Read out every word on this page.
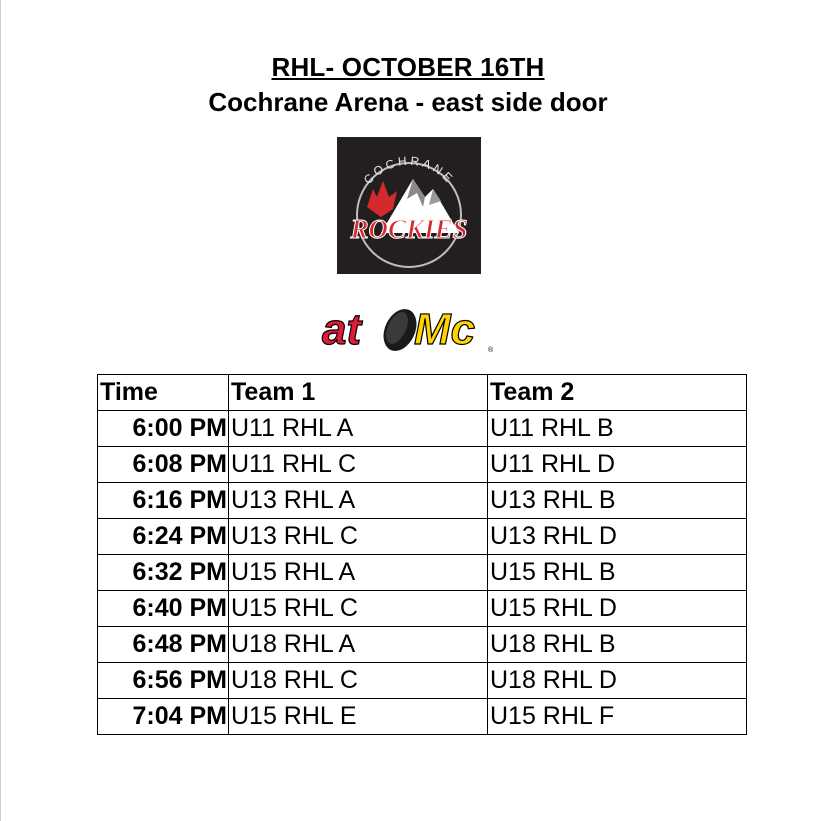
RHL- OCTOBER 16TH
Cochrane Arena - east side door
COCHRANE
ROCKIES
at Mc ®
Time	Team 1	Team 2
6:00 PM	U11 RHL A	U11 RHL B
6:08 PM	U11 RHL C	U11 RHL D
6:16 PM	U13 RHL A	U13 RHL B
6:24 PM	U13 RHL C	U13 RHL D
6:32 PM	U15 RHL A	U15 RHL B
6:40 PM	U15 RHL C	U15 RHL D
6:48 PM	U18 RHL A	U18 RHL B
6:56 PM	U18 RHL C	U18 RHL D
7:04 PM	U15 RHL E	U15 RHL F
